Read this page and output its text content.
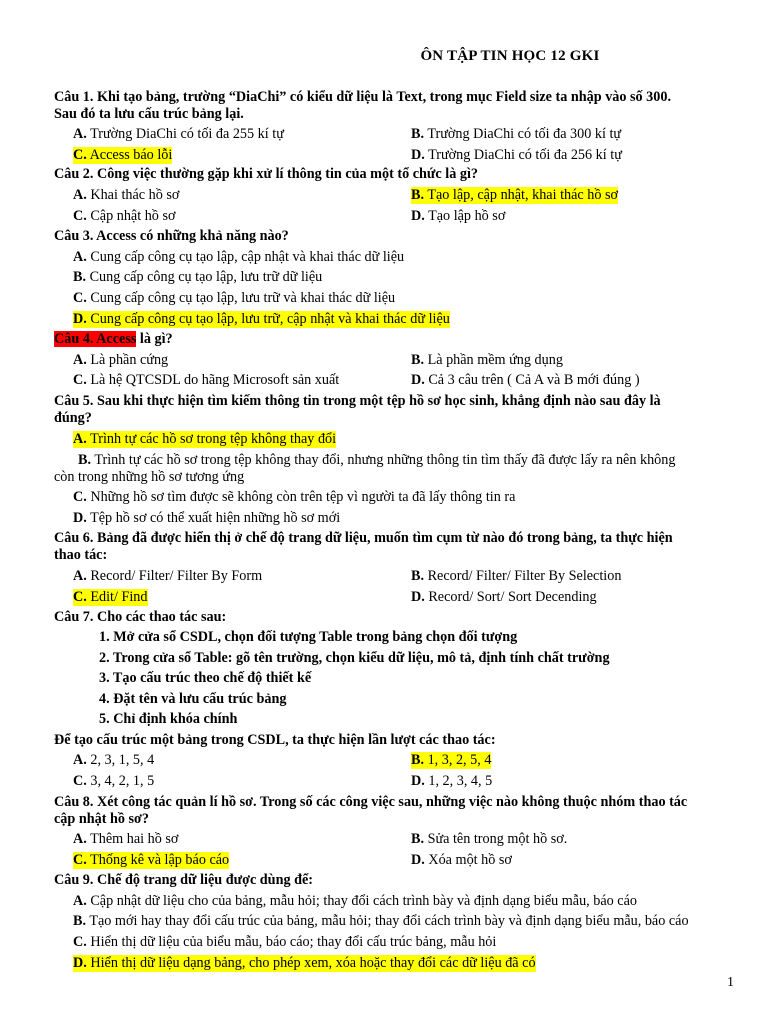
ÔN TẬP TIN HỌC 12 GKI
Câu 1. Khi tạo bảng, trường “DiaChi” có kiểu dữ liệu là Text, trong mục Field size ta nhập vào số 300.
Sau đó ta lưu cấu trúc bảng lại.
A. Trường DiaChi có tối đa 255 kí tự	B. Trường DiaChi có tối đa 300 kí tự
C. Access báo lỗi	D. Trường DiaChi có tối đa 256 kí tự
Câu 2. Công việc thường gặp khi xử lí thông tin của một tổ chức là gì?
A. Khai thác hồ sơ	B. Tạo lập, cập nhật, khai thác hồ sơ
C. Cập nhật hồ sơ	D. Tạo lập hồ sơ
Câu 3. Access có những khả năng nào?
A. Cung cấp công cụ tạo lập, cập nhật và khai thác dữ liệu
B. Cung cấp công cụ tạo lập, lưu trữ dữ liệu
C. Cung cấp công cụ tạo lập, lưu trữ và khai thác dữ liệu
D. Cung cấp công cụ tạo lập, lưu trữ, cập nhật và khai thác dữ liệu
Câu 4. Access là gì?
A. Là phần cứng	B. Là phần mềm ứng dụng
C. Là hệ QTCSDL do hãng Microsoft sản xuất	D. Cả 3 câu trên ( Cả A và B mới đúng )
Câu 5. Sau khi thực hiện tìm kiếm thông tin trong một tệp hồ sơ học sinh, khẳng định nào sau đây là
đúng?
A. Trình tự các hồ sơ trong tệp không thay đổi
B. Trình tự các hồ sơ trong tệp không thay đổi, nhưng những thông tin tìm thấy đã được lấy ra nên không
còn trong những hồ sơ tương ứng
C. Những hồ sơ tìm được sẽ không còn trên tệp vì người ta đã lấy thông tin ra
D. Tệp hồ sơ có thể xuất hiện những hồ sơ mới
Câu 6. Bảng đã được hiển thị ở chế độ trang dữ liệu, muốn tìm cụm từ nào đó trong bảng, ta thực hiện
thao tác:
A. Record/ Filter/ Filter By Form	B. Record/ Filter/ Filter By Selection
C. Edit/ Find	D. Record/ Sort/ Sort Decending
Câu 7. Cho các thao tác sau:
1. Mở cửa sổ CSDL, chọn đối tượng Table trong bảng chọn đối tượng
2. Trong cửa sổ Table: gõ tên trường, chọn kiểu dữ liệu, mô tả, định tính chất trường
3. Tạo cấu trúc theo chế độ thiết kế
4. Đặt tên và lưu cấu trúc bảng
5. Chỉ định khóa chính
Để tạo cấu trúc một bảng trong CSDL, ta thực hiện lần lượt các thao tác:
A. 2, 3, 1, 5, 4	B. 1, 3, 2, 5, 4
C. 3, 4, 2, 1, 5	D. 1, 2, 3, 4, 5
Câu 8. Xét công tác quản lí hồ sơ. Trong số các công việc sau, những việc nào không thuộc nhóm thao tác
cập nhật hồ sơ?
A. Thêm hai hồ sơ	B. Sửa tên trong một hồ sơ.
C. Thống kê và lập báo cáo	D. Xóa một hồ sơ
Câu 9. Chế độ trang dữ liệu được dùng để:
A. Cập nhật dữ liệu cho của bảng, mẫu hỏi; thay đổi cách trình bày và định dạng biểu mẫu, báo cáo
B. Tạo mới hay thay đổi cấu trúc của bảng, mẫu hỏi; thay đổi cách trình bày và định dạng biểu mẫu, báo cáo
C. Hiển thị dữ liệu của biểu mẫu, báo cáo; thay đổi cấu trúc bảng, mẫu hỏi
D. Hiển thị dữ liệu dạng bảng, cho phép xem, xóa hoặc thay đổi các dữ liệu đã có
1
